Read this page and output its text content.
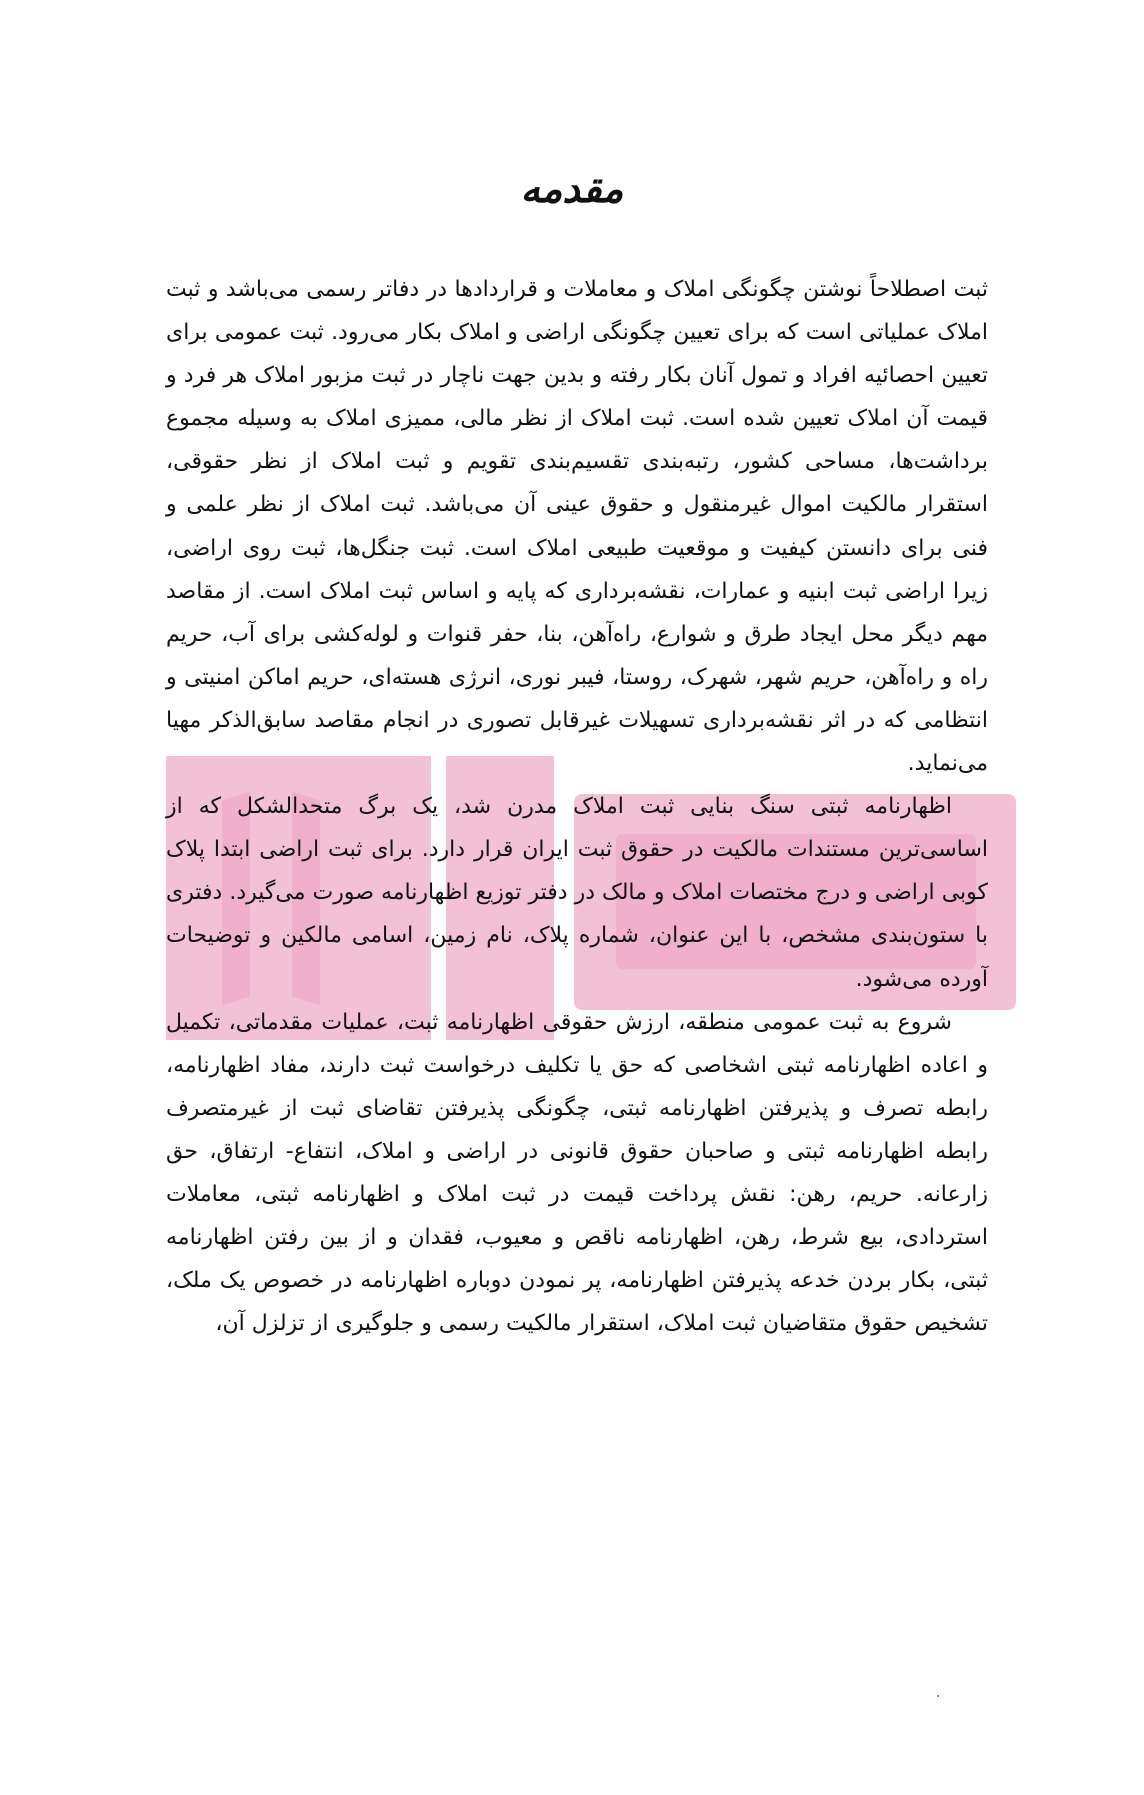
مقدمه

ثبت اصطلاحاً نوشتن چگونگی املاک و معاملات و قراردادها در دفاتر رسمی می‌باشد و ثبت املاک عملیاتی است که برای تعیین چگونگی اراضی و املاک بکار می‌رود. ثبت عمومی برای تعیین احصائیه افراد و تمول آنان بکار رفته و بدین جهت ناچار در ثبت مزبور املاک هر فرد و قیمت آن املاک تعیین شده است. ثبت املاک از نظر مالی، ممیزی املاک به وسیله مجموع برداشت‌ها، مساحی کشور، رتبه‌بندی تقسیم‌بندی تقویم و ثبت املاک از نظر حقوقی، استقرار مالکیت اموال غیرمنقول و حقوق عینی آن می‌باشد. ثبت املاک از نظر علمی و فنی برای دانستن کیفیت و موقعیت طبیعی املاک است. ثبت جنگل‌ها، ثبت روی اراضی، زیرا اراضی ثبت ابنیه و عمارات، نقشه‌برداری که پایه و اساس ثبت املاک است. از مقاصد مهم دیگر محل ایجاد طرق و شوارع، راه‌آهن، بنا، حفر قنوات و لوله‌کشی برای آب، حریم راه و راه‌آهن، حریم شهر، شهرک، روستا، فیبر نوری، انرژی هسته‌ای، حریم اماکن امنیتی و انتظامی که در اثر نقشه‌برداری تسهیلات غیرقابل تصوری در انجام مقاصد سابق‌الذکر مهیا می‌نماید.

اظهارنامه ثبتی سنگ بنایی ثبت املاک مدرن شد، یک برگ متحدالشکل که از اساسی‌ترین مستندات مالکیت در حقوق ثبت ایران قرار دارد. برای ثبت اراضی ابتدا پلاک کوبی اراضی و درج مختصات املاک و مالک در دفتر توزیع اظهارنامه صورت می‌گیرد. دفتری با ستون‌بندی مشخص، با این عنوان، شماره پلاک، نام زمین، اسامی مالکین و توضیحات آورده می‌شود.

شروع به ثبت عمومی منطقه، ارزش حقوقی اظهارنامه ثبت، عملیات مقدماتی، تکمیل و اعاده اظهارنامه ثبتی اشخاصی که حق یا تکلیف درخواست ثبت دارند، مفاد اظهارنامه، رابطه تصرف و پذیرفتن اظهارنامه ثبتی، چگونگی پذیرفتن تقاضای ثبت از غیرمتصرف رابطه اظهارنامه ثبتی و صاحبان حقوق قانونی در اراضی و املاک، انتفاع- ارتفاق، حق زارعانه. حریم، رهن: نقش پرداخت قیمت در ثبت املاک و اظهارنامه ثبتی، معاملات استردادی، بیع شرط، رهن، اظهارنامه ناقص و معیوب، فقدان و از بین رفتن اظهارنامه ثبتی، بکار بردن خدعه پذیرفتن اظهارنامه، پر نمودن دوباره اظهارنامه در خصوص یک ملک، تشخیص حقوق متقاضیان ثبت املاک، استقرار مالکیت رسمی و جلوگیری از تزلزل آن،
